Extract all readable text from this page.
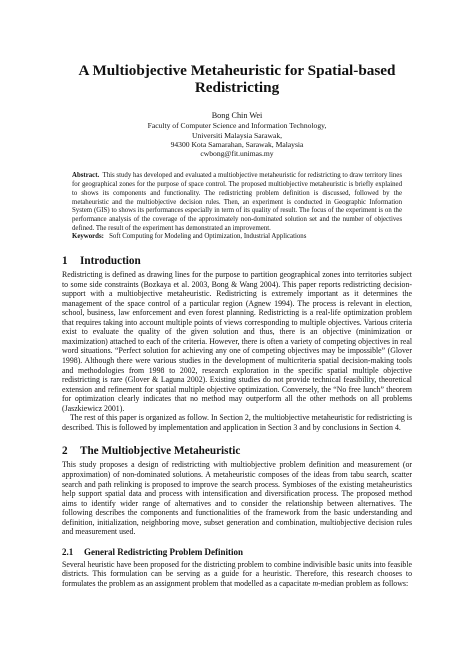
A Multiobjective Metaheuristic for Spatial-based Redistricting
Bong Chin Wei
Faculty of Computer Science and Information Technology,
Universiti Malaysia Sarawak,
94300 Kota Samarahan, Sarawak, Malaysia
cwbong@fit.unimas.my
Abstract. This study has developed and evaluated a multiobjective metaheuristic for redistricting to draw territory lines for geographical zones for the purpose of space control. The proposed multiobjective metaheuristic is briefly explained to shows its components and functionality. The redistricting problem definition is discussed, followed by the metaheuristic and the multiobjective decision rules. Then, an experiment is conducted in Geographic Information System (GIS) to shows its performances especially in term of its quality of result. The focus of the experiment is on the performance analysis of the coverage of the approximately non-dominated solution set and the number of objectives defined. The result of the experiment has demonstrated an improvement.
Keywords: Soft Computing for Modeling and Optimization, Industrial Applications
1 Introduction

Redistricting is defined as drawing lines for the purpose to partition geographical zones into territories subject to some side constraints (Bozkaya et al. 2003, Bong & Wang 2004). This paper reports redistricting decision-support with a multiobjective metaheuristic. Redistricting is extremely important as it determines the management of the space control of a particular region (Agnew 1994). The process is relevant in election, school, business, law enforcement and even forest planning. Redistricting is a real-life optimization problem that requires taking into account multiple points of views corresponding to multiple objectives. Various criteria exist to evaluate the quality of the given solution and thus, there is an objective (minimization or maximization) attached to each of the criteria. However, there is often a variety of competing objectives in real word situations. “Perfect solution for achieving any one of competing objectives may be impossible” (Glover 1998). Although there were various studies in the development of multicriteria spatial decision-making tools and methodologies from 1998 to 2002, research exploration in the specific spatial multiple objective redistricting is rare (Glover & Laguna 2002). Existing studies do not provide technical feasibility, theoretical extension and refinement for spatial multiple objective optimization. Conversely, the “No free lunch” theorem for optimization clearly indicates that no method may outperform all the other methods on all problems (Jaszkiewicz 2001).

The rest of this paper is organized as follow. In Section 2, the multiobjective metaheuristic for redistricting is described. This is followed by implementation and application in Section 3 and by conclusions in Section 4.

2 The Multiobjective Metaheuristic

This study proposes a design of redistricting with multiobjective problem definition and measurement (or approximation) of non-dominated solutions. A metaheuristic composes of the ideas from tabu search, scatter search and path relinking is proposed to improve the search process. Symbioses of the existing metaheuristics help support spatial data and process with intensification and diversification process. The proposed method aims to identify wider range of alternatives and to consider the relationship between alternatives. The following describes the components and functionalities of the framework from the basic understanding and definition, initialization, neighboring move, subset generation and combination, multiobjective decision rules and measurement used.

2.1 General Redistricting Problem Definition

Several heuristic have been proposed for the districting problem to combine indivisible basic units into feasible districts. This formulation can be serving as a guide for a heuristic. Therefore, this research chooses to formulates the problem as an assignment problem that modelled as a capacitate m-median problem as follows:
